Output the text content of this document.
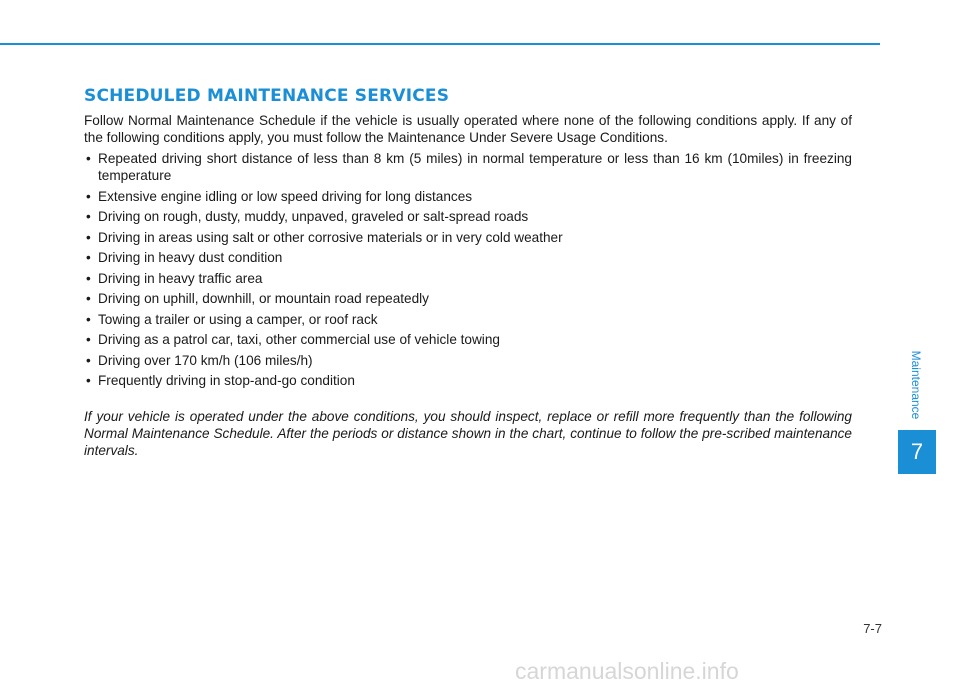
SCHEDULED MAINTENANCE SERVICES

Follow Normal Maintenance Schedule if the vehicle is usually operated where none of the following conditions apply. If any of the following conditions apply, you must follow the Maintenance Under Severe Usage Conditions.

• Repeated driving short distance of less than 8 km (5 miles) in normal temperature or less than 16 km (10miles) in freezing temperature
• Extensive engine idling or low speed driving for long distances
• Driving on rough, dusty, muddy, unpaved, graveled or salt-spread roads
• Driving in areas using salt or other corrosive materials or in very cold weather
• Driving in heavy dust condition
• Driving in heavy traffic area
• Driving on uphill, downhill, or mountain road repeatedly
• Towing a trailer or using a camper, or roof rack
• Driving as a patrol car, taxi, other commercial use of vehicle towing
• Driving over 170 km/h (106 miles/h)
• Frequently driving in stop-and-go condition

If your vehicle is operated under the above conditions, you should inspect, replace or refill more frequently than the following Normal Maintenance Schedule. After the periods or distance shown in the chart, continue to follow the pre-scribed maintenance intervals.

Maintenance
7
7-7
carmanualsonline.info
